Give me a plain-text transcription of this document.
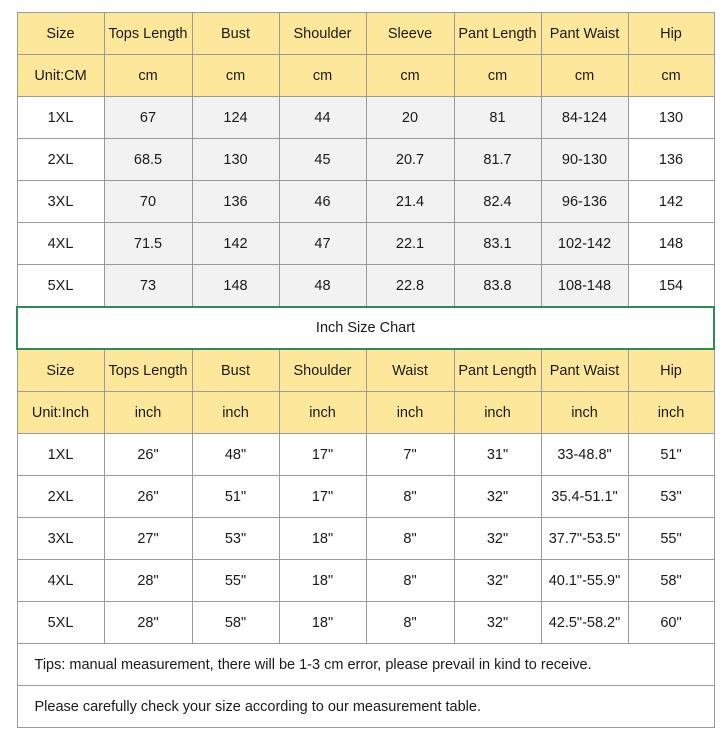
Size	Tops Length	Bust	Shoulder	Sleeve	Pant Length	Pant Waist	Hip
Unit:CM	cm	cm	cm	cm	cm	cm	cm
1XL	67	124	44	20	81	84-124	130
2XL	68.5	130	45	20.7	81.7	90-130	136
3XL	70	136	46	21.4	82.4	96-136	142
4XL	71.5	142	47	22.1	83.1	102-142	148
5XL	73	148	48	22.8	83.8	108-148	154
Inch Size Chart							
Size	Tops Length	Bust	Shoulder	Waist	Pant Length	Pant Waist	Hip
Unit:Inch	inch	inch	inch	inch	inch	inch	inch
1XL	26"	48"	17"	7"	31"	33-48.8"	51"
2XL	26"	51"	17"	8"	32"	35.4-51.1"	53"
3XL	27"	53"	18"	8"	32"	37.7"-53.5"	55"
4XL	28"	55"	18"	8"	32"	40.1"-55.9"	58"
5XL	28"	58"	18"	8"	32"	42.5"-58.2"	60"
Tips: manual measurement, there will be 1-3 cm error, please prevail in kind to receive.							
Please carefully check your size according to our measurement table.							
